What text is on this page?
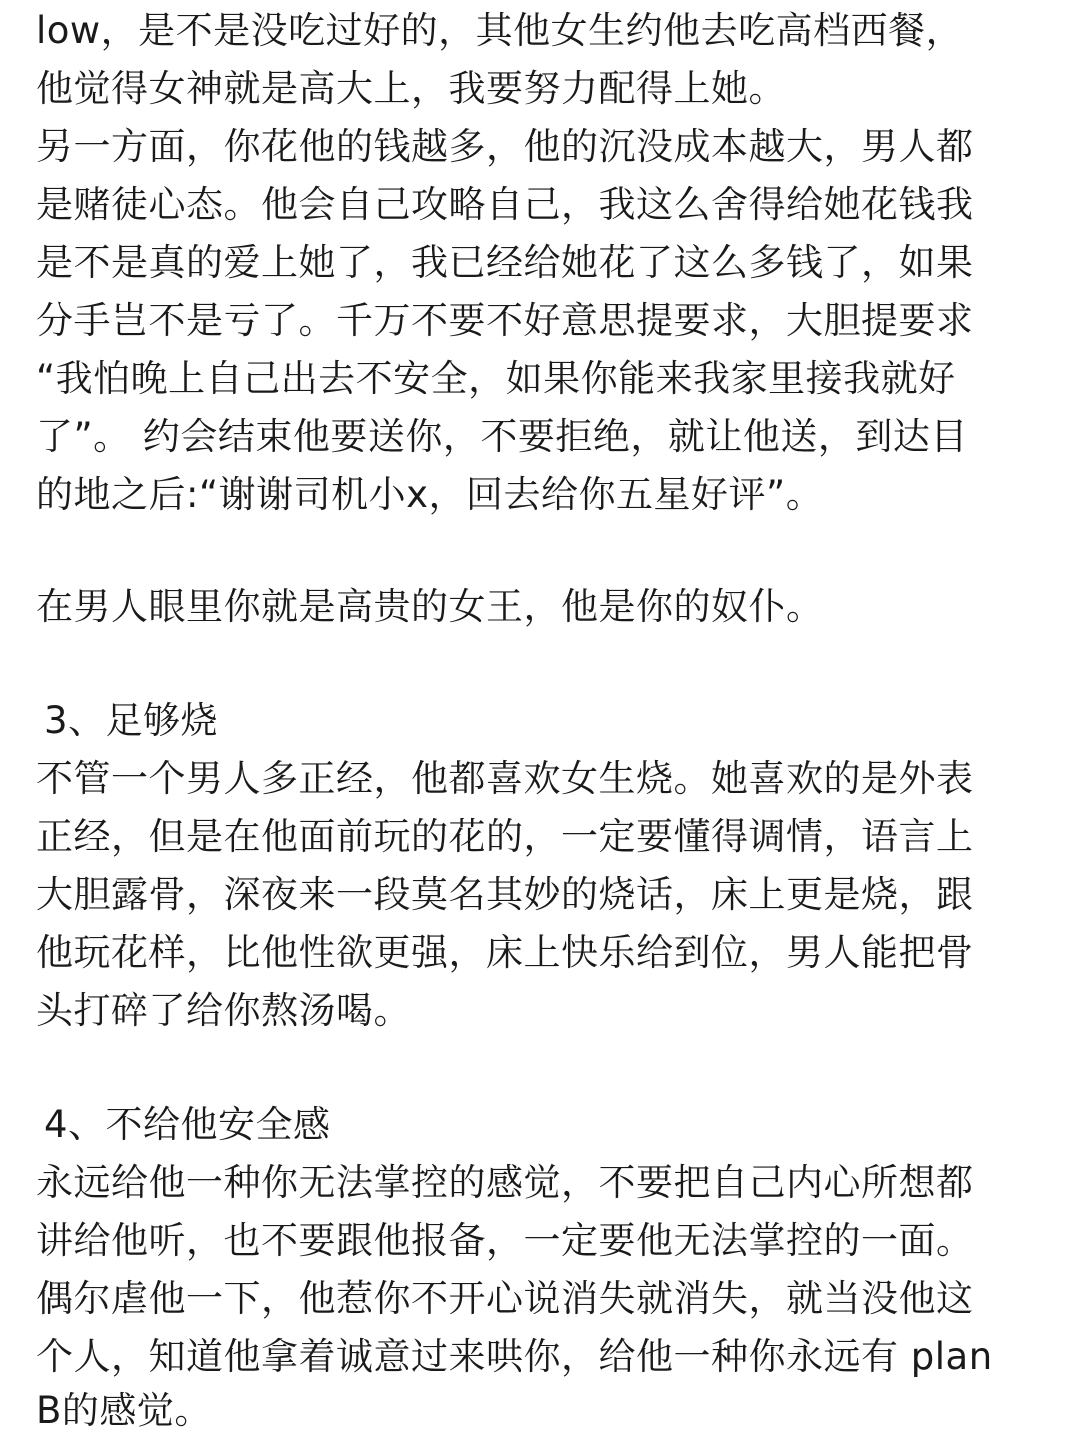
low，是不是没吃过好的，其他女生约他去吃高档西餐，
他觉得女神就是高大上，我要努力配得上她。
另一方面，你花他的钱越多，他的沉没成本越大，男人都
是赌徒心态。他会自己攻略自己，我这么舍得给她花钱我
是不是真的爱上她了，我已经给她花了这么多钱了，如果
分手岂不是亏了。千万不要不好意思提要求，大胆提要求
“我怕晚上自己出去不安全，如果你能来我家里接我就好
了”。 约会结束他要送你，不要拒绝，就让他送，到达目
的地之后:“谢谢司机小x，回去给你五星好评”。
在男人眼里你就是高贵的女王，他是你的奴仆。
3、足够烧
不管一个男人多正经，他都喜欢女生烧。她喜欢的是外表
正经，但是在他面前玩的花的，一定要懂得调情，语言上
大胆露骨，深夜来一段莫名其妙的烧话，床上更是烧，跟
他玩花样，比他性欲更强，床上快乐给到位，男人能把骨
头打碎了给你熬汤喝。
4、不给他安全感
永远给他一种你无法掌控的感觉，不要把自己内心所想都
讲给他听，也不要跟他报备，一定要他无法掌控的一面。
偶尔虐他一下，他惹你不开心说消失就消失，就当没他这
个人，知道他拿着诚意过来哄你，给他一种你永远有 plan
B的感觉。
